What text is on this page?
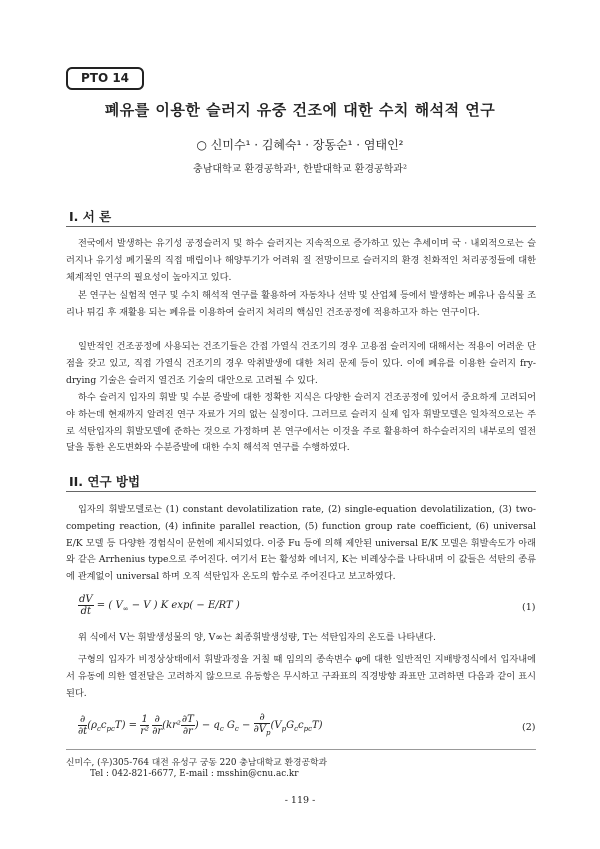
PTO 14
폐유를 이용한 슬러지 유중 건조에 대한 수치 해석적 연구
○ 신미수¹ · 김혜숙¹ · 장동순¹ · 염태인²
충남대학교 환경공학과¹, 한밭대학교 환경공학과²
I. 서 론

전국에서 발생하는 유기성 공정슬러지 및 하수 슬러지는 지속적으로 증가하고 있는 추세이며 국 · 내외적으로는 슬러지나 유기성 폐기물의 직접 매립이나 해양투기가 어려워 질 전망이므로 슬러지의 환경 친화적인 처리공정들에 대한 체계적인 연구의 필요성이 높아지고 있다.

본 연구는 실험적 연구 및 수치 해석적 연구를 활용하여 자동차나 선박 및 산업체 등에서 발생하는 폐유나 음식물 조리나 튀김 후 재활용 되는 폐유를 이용하여 슬러지 처리의 핵심인 건조공정에 적용하고자 하는 연구이다.

일반적인 건조공정에 사용되는 건조기들은 간접 가열식 건조기의 경우 고용점 슬러지에 대해서는 적용이 어려운 단점을 갖고 있고, 직접 가열식 건조기의 경우 악취발생에 대한 처리 문제 등이 있다. 이에 폐유를 이용한 슬러지 fry-drying 기술은 슬러지 열건조 기술의 대안으로 고려될 수 있다.

하수 슬러지 입자의 휘발 및 수분 증발에 대한 정확한 지식은 다양한 슬러지 건조공정에 있어서 중요하게 고려되어야 하는데 현재까지 알려진 연구 자료가 거의 없는 실정이다. 그러므로 슬러지 실제 입자 휘발모델은 일차적으로는 주로 석탄입자의 휘발모델에 준하는 것으로 가정하며 본 연구에서는 이것을 주로 활용하여 하수슬러지의 내부로의 열전달을 통한 온도변화와 수분증발에 대한 수치 해석적 연구를 수행하였다.

II. 연구 방법

입자의 휘발모델로는 (1) constant devolatilization rate, (2) single-equation devolatilization, (3) two-competing reaction, (4) infinite parallel reaction, (5) function group rate coefficient, (6) universal E/K 모델 등 다양한 경험식이 문헌에 제시되었다. 이중 Fu 등에 의해 제안된 universal E/K 모델은 휘발속도가 아래와 같은 Arrhenius type으로 주어진다. 여기서 E는 활성화 에너지, K는 비례상수를 나타내며 이 값들은 석탄의 종류에 관계없이 universal 하며 오직 석탄입자 온도의 함수로 주어진다고 보고하였다.

$\frac{dV}{dt}$ = ( $V_\infty - V$ ) K exp( − E/RT )	(1)

위 식에서 V는 휘발생성물의 양, V∞는 최종휘발생성량, T는 석탄입자의 온도를 나타낸다.

구형의 입자가 비정상상태에서 휘발과정을 거칠 때 임의의 종속변수 φ에 대한 일반적인 지배방정식에서 입자내에서 유동에 의한 열전달은 고려하지 않으므로 유동항은 무시하고 구좌표의 직경방향 좌표만 고려하면 다음과 같이 표시된다.

$\frac{\partial}{\partial t} (\rho_cc_{pc}T) = \frac{1}{\text{r²}}$
$\frac{\partial}{\partial r} (kr^2 \frac{\partial T}{\partial r}$ ) − $q_c$ $G_c - \frac{\partial}{\partial V_p} (V_pG_cc_{pc}T)$	(2)
신미수, (우)305-764 대전 유성구 궁동 220 충남대학교 환경공학과
Tel : 042-821-6677, E-mail : msshin@cnu.ac.kr
- 119 -
